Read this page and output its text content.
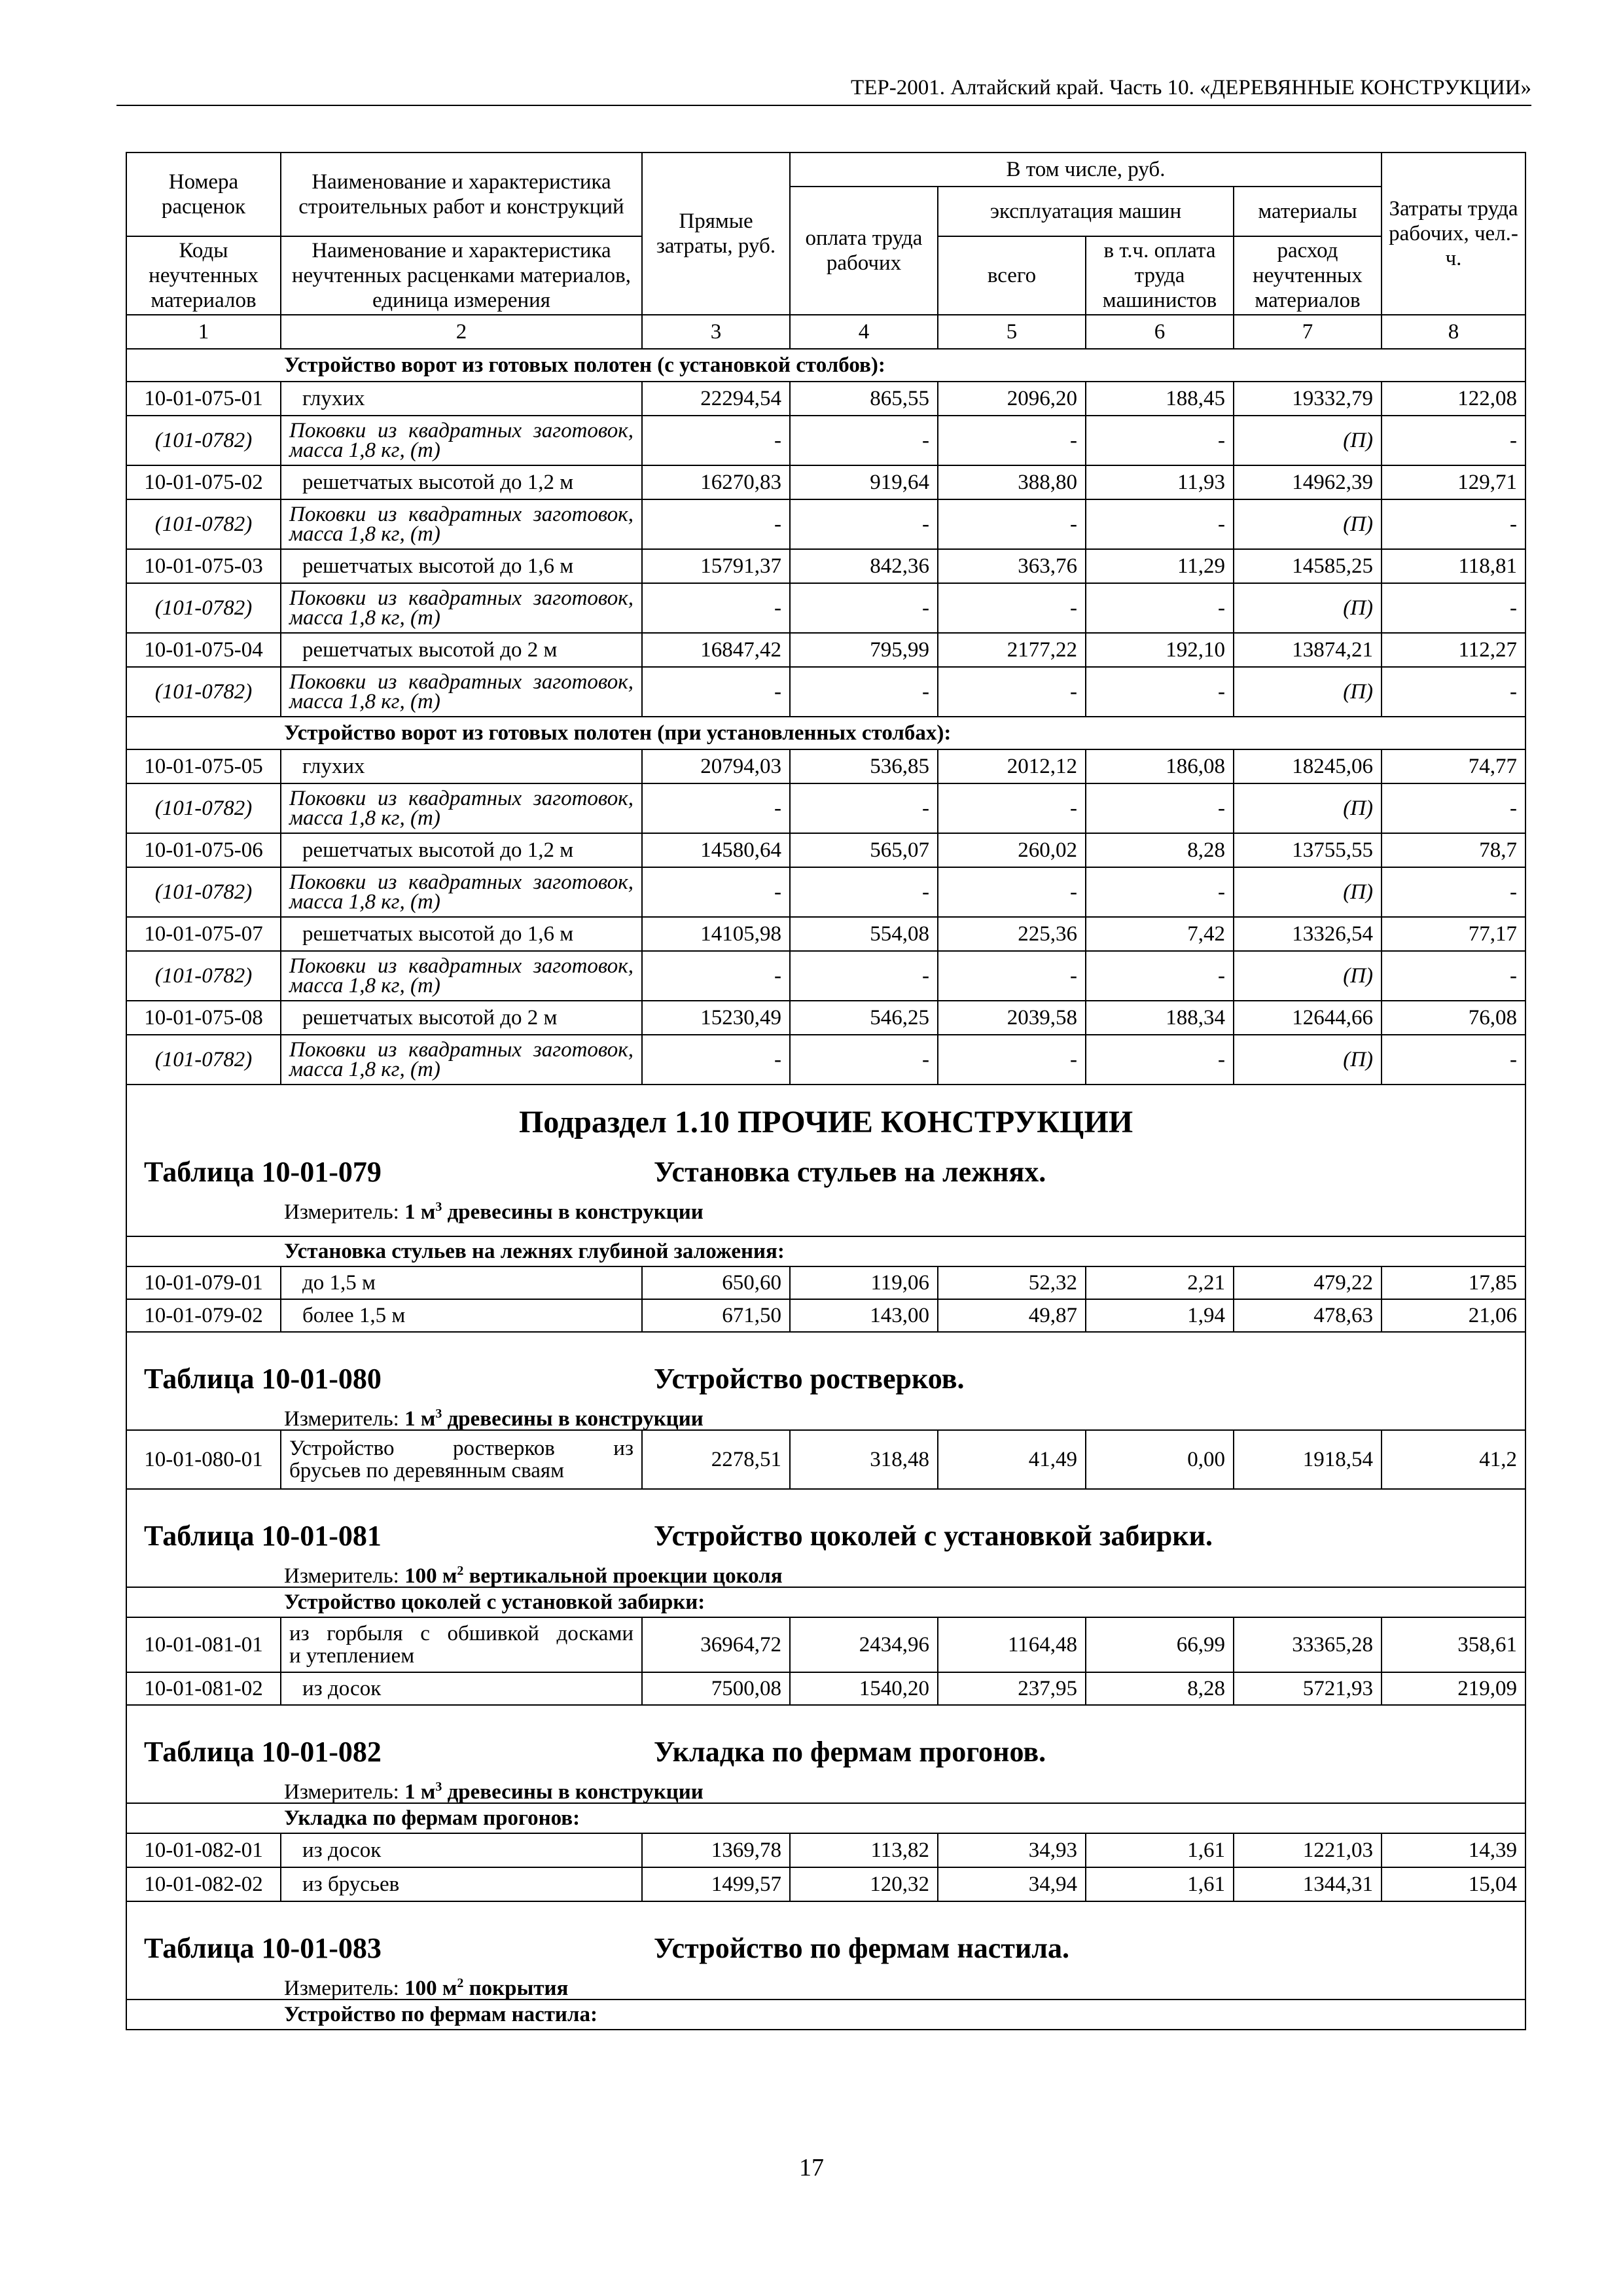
ТЕР-2001. Алтайский край. Часть 10. «ДЕРЕВЯННЫЕ КОНСТРУКЦИИ»
Номера расценок	Наименование и характеристика строительных работ и конструкций	Прямые затраты, руб.	В том числе, руб.				Затраты труда рабочих, чел.-ч.
			оплата труда рабочих	эксплуатация машин		материалы	
Коды неучтенных материалов	Наименование и характеристика неучтенных расценками материалов, единица измерения			всего	в т.ч. оплата труда машинистов	расход неучтенных материалов	
1	2	3	4	5	6	7	8
Устройство ворот из готовых полотен (с установкой столбов):							
10-01-075-01	глухих	22294,54	865,55	2096,20	188,45	19332,79	122,08
(101-0782)	Поковки из квадратных заготовок,
масса 1,8 кг, (т)	-	-	-	-	(П)	-
10-01-075-02	решетчатых высотой до 1,2 м	16270,83	919,64	388,80	11,93	14962,39	129,71
(101-0782)	Поковки из квадратных заготовок,
масса 1,8 кг, (т)	-	-	-	-	(П)	-
10-01-075-03	решетчатых высотой до 1,6 м	15791,37	842,36	363,76	11,29	14585,25	118,81
(101-0782)	Поковки из квадратных заготовок,
масса 1,8 кг, (т)	-	-	-	-	(П)	-
10-01-075-04	решетчатых высотой до 2 м	16847,42	795,99	2177,22	192,10	13874,21	112,27
(101-0782)	Поковки из квадратных заготовок,
масса 1,8 кг, (т)	-	-	-	-	(П)	-
Устройство ворот из готовых полотен (при установленных столбах):							
10-01-075-05	глухих	20794,03	536,85	2012,12	186,08	18245,06	74,77
(101-0782)	Поковки из квадратных заготовок,
масса 1,8 кг, (т)	-	-	-	-	(П)	-
10-01-075-06	решетчатых высотой до 1,2 м	14580,64	565,07	260,02	8,28	13755,55	78,7
(101-0782)	Поковки из квадратных заготовок,
масса 1,8 кг, (т)	-	-	-	-	(П)	-
10-01-075-07	решетчатых высотой до 1,6 м	14105,98	554,08	225,36	7,42	13326,54	77,17
(101-0782)	Поковки из квадратных заготовок,
масса 1,8 кг, (т)	-	-	-	-	(П)	-
10-01-075-08	решетчатых высотой до 2 м	15230,49	546,25	2039,58	188,34	12644,66	76,08
(101-0782)	Поковки из квадратных заготовок,
масса 1,8 кг, (т)	-	-	-	-	(П)	-

Подраздел 1.10 ПРОЧИЕ КОНСТРУКЦИИ
Таблица 10-01-079 Установка стульев на лежнях.
Измеритель: 1 $м^3$ древесины в конструкции							

Установка стульев на лежнях глубиной заложения:							
10-01-079-01	до 1,5 м	650,60	119,06	52,32	2,21	479,22	17,85
10-01-079-02	более 1,5 м	671,50	143,00	49,87	1,94	478,63	21,06

Таблица 10-01-080 Устройство ростверков.
Измеритель: 1 $м^3$ древесины в конструкции							

10-01-080-01	Устройство ростверков из
брусьев по деревянным сваям	2278,51	318,48	41,49	0,00	1918,54	41,2

Таблица 10-01-081 Устройство цоколей с установкой забирки.
Измеритель: 100 $м^2$ вертикальной проекции цоколя							

Устройство цоколей с установкой забирки:							
10-01-081-01	из горбыля с обшивкой досками
и утеплением	36964,72	2434,96	1164,48	66,99	33365,28	358,61
10-01-081-02	из досок	7500,08	1540,20	237,95	8,28	5721,93	219,09

Таблица 10-01-082 Укладка по фермам прогонов.
Измеритель: 1 $м^3$ древесины в конструкции							

Укладка по фермам прогонов:							
10-01-082-01	из досок	1369,78	113,82	34,93	1,61	1221,03	14,39
10-01-082-02	из брусьев	1499,57	120,32	34,94	1,61	1344,31	15,04

Таблица 10-01-083 Устройство по фермам настила.
Измеритель: 100 $м^2$ покрытия							

Устройство по фермам настила:							
17
